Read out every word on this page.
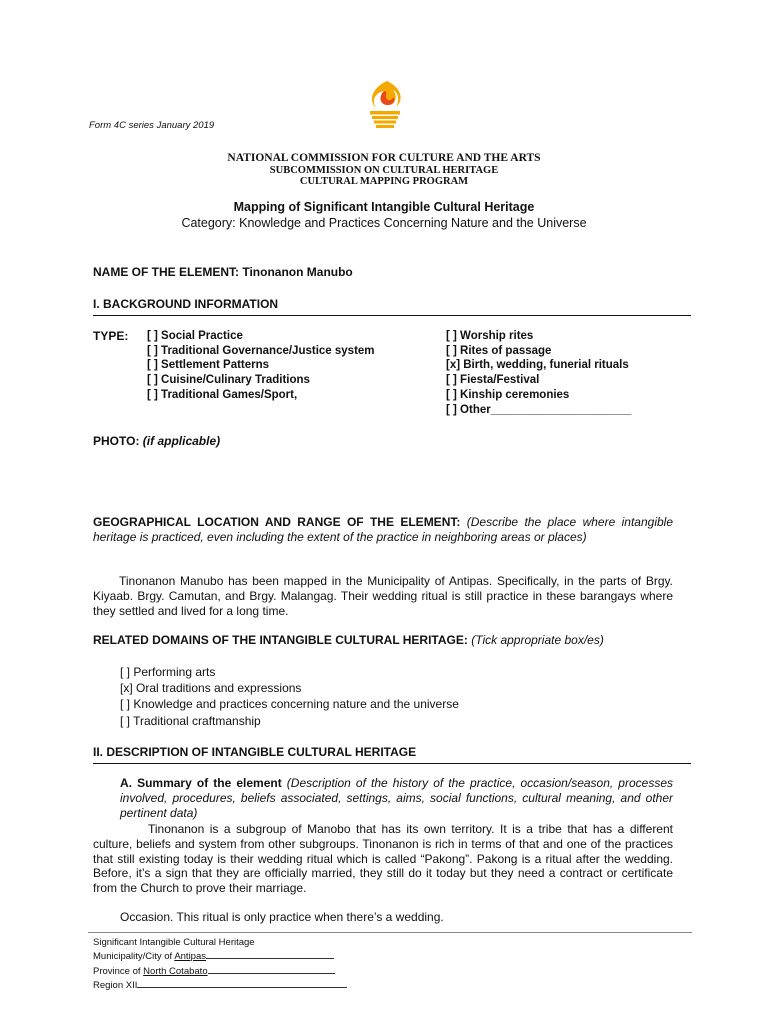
Form 4C series January 2019
NATIONAL COMMISSION FOR CULTURE AND THE ARTS
SUBCOMMISSION ON CULTURAL HERITAGE
CULTURAL MAPPING PROGRAM
Mapping of Significant Intangible Cultural Heritage
Category: Knowledge and Practices Concerning Nature and the Universe
NAME OF THE ELEMENT: Tinonanon Manubo
I. BACKGROUND INFORMATION
TYPE: [ ] Social Practice
[ ] Traditional Governance/Justice system
[ ] Settlement Patterns
[ ] Cuisine/Culinary Traditions
[ ] Traditional Games/Sport,
[ ] Worship rites
[ ] Rites of passage
[x] Birth, wedding, funerial rituals
[ ] Fiesta/Festival
[ ] Kinship ceremonies
[ ] Other______________________
PHOTO: (if applicable)
GEOGRAPHICAL LOCATION AND RANGE OF THE ELEMENT: (Describe the place where intangible heritage is practiced, even including the extent of the practice in neighboring areas or places)

Tinonanon Manubo has been mapped in the Municipality of Antipas. Specifically, in the parts of Brgy. Kiyaab. Brgy. Camutan, and Brgy. Malangag. Their wedding ritual is still practice in these barangays where they settled and lived for a long time.

RELATED DOMAINS OF THE INTANGIBLE CULTURAL HERITAGE: (Tick appropriate box/es)
[ ] Performing arts
[x] Oral traditions and expressions
[ ] Knowledge and practices concerning nature and the universe
[ ] Traditional craftmanship
II. DESCRIPTION OF INTANGIBLE CULTURAL HERITAGE
A. Summary of the element (Description of the history of the practice, occasion/season, processes involved, procedures, beliefs associated, settings, aims, social functions, cultural meaning, and other pertinent data)

Tinonanon is a subgroup of Manobo that has its own territory. It is a tribe that has a different culture, beliefs and system from other subgroups. Tinonanon is rich in terms of that and one of the practices that still existing today is their wedding ritual which is called “Pakong”. Pakong is a ritual after the wedding. Before, it’s a sign that they are officially married, they still do it today but they need a contract or certificate from the Church to prove their marriage.

Occasion. This ritual is only practice when there’s a wedding.
Significant Intangible Cultural Heritage
Municipality/City of Antipas
Province of North Cotabato
Region XII
